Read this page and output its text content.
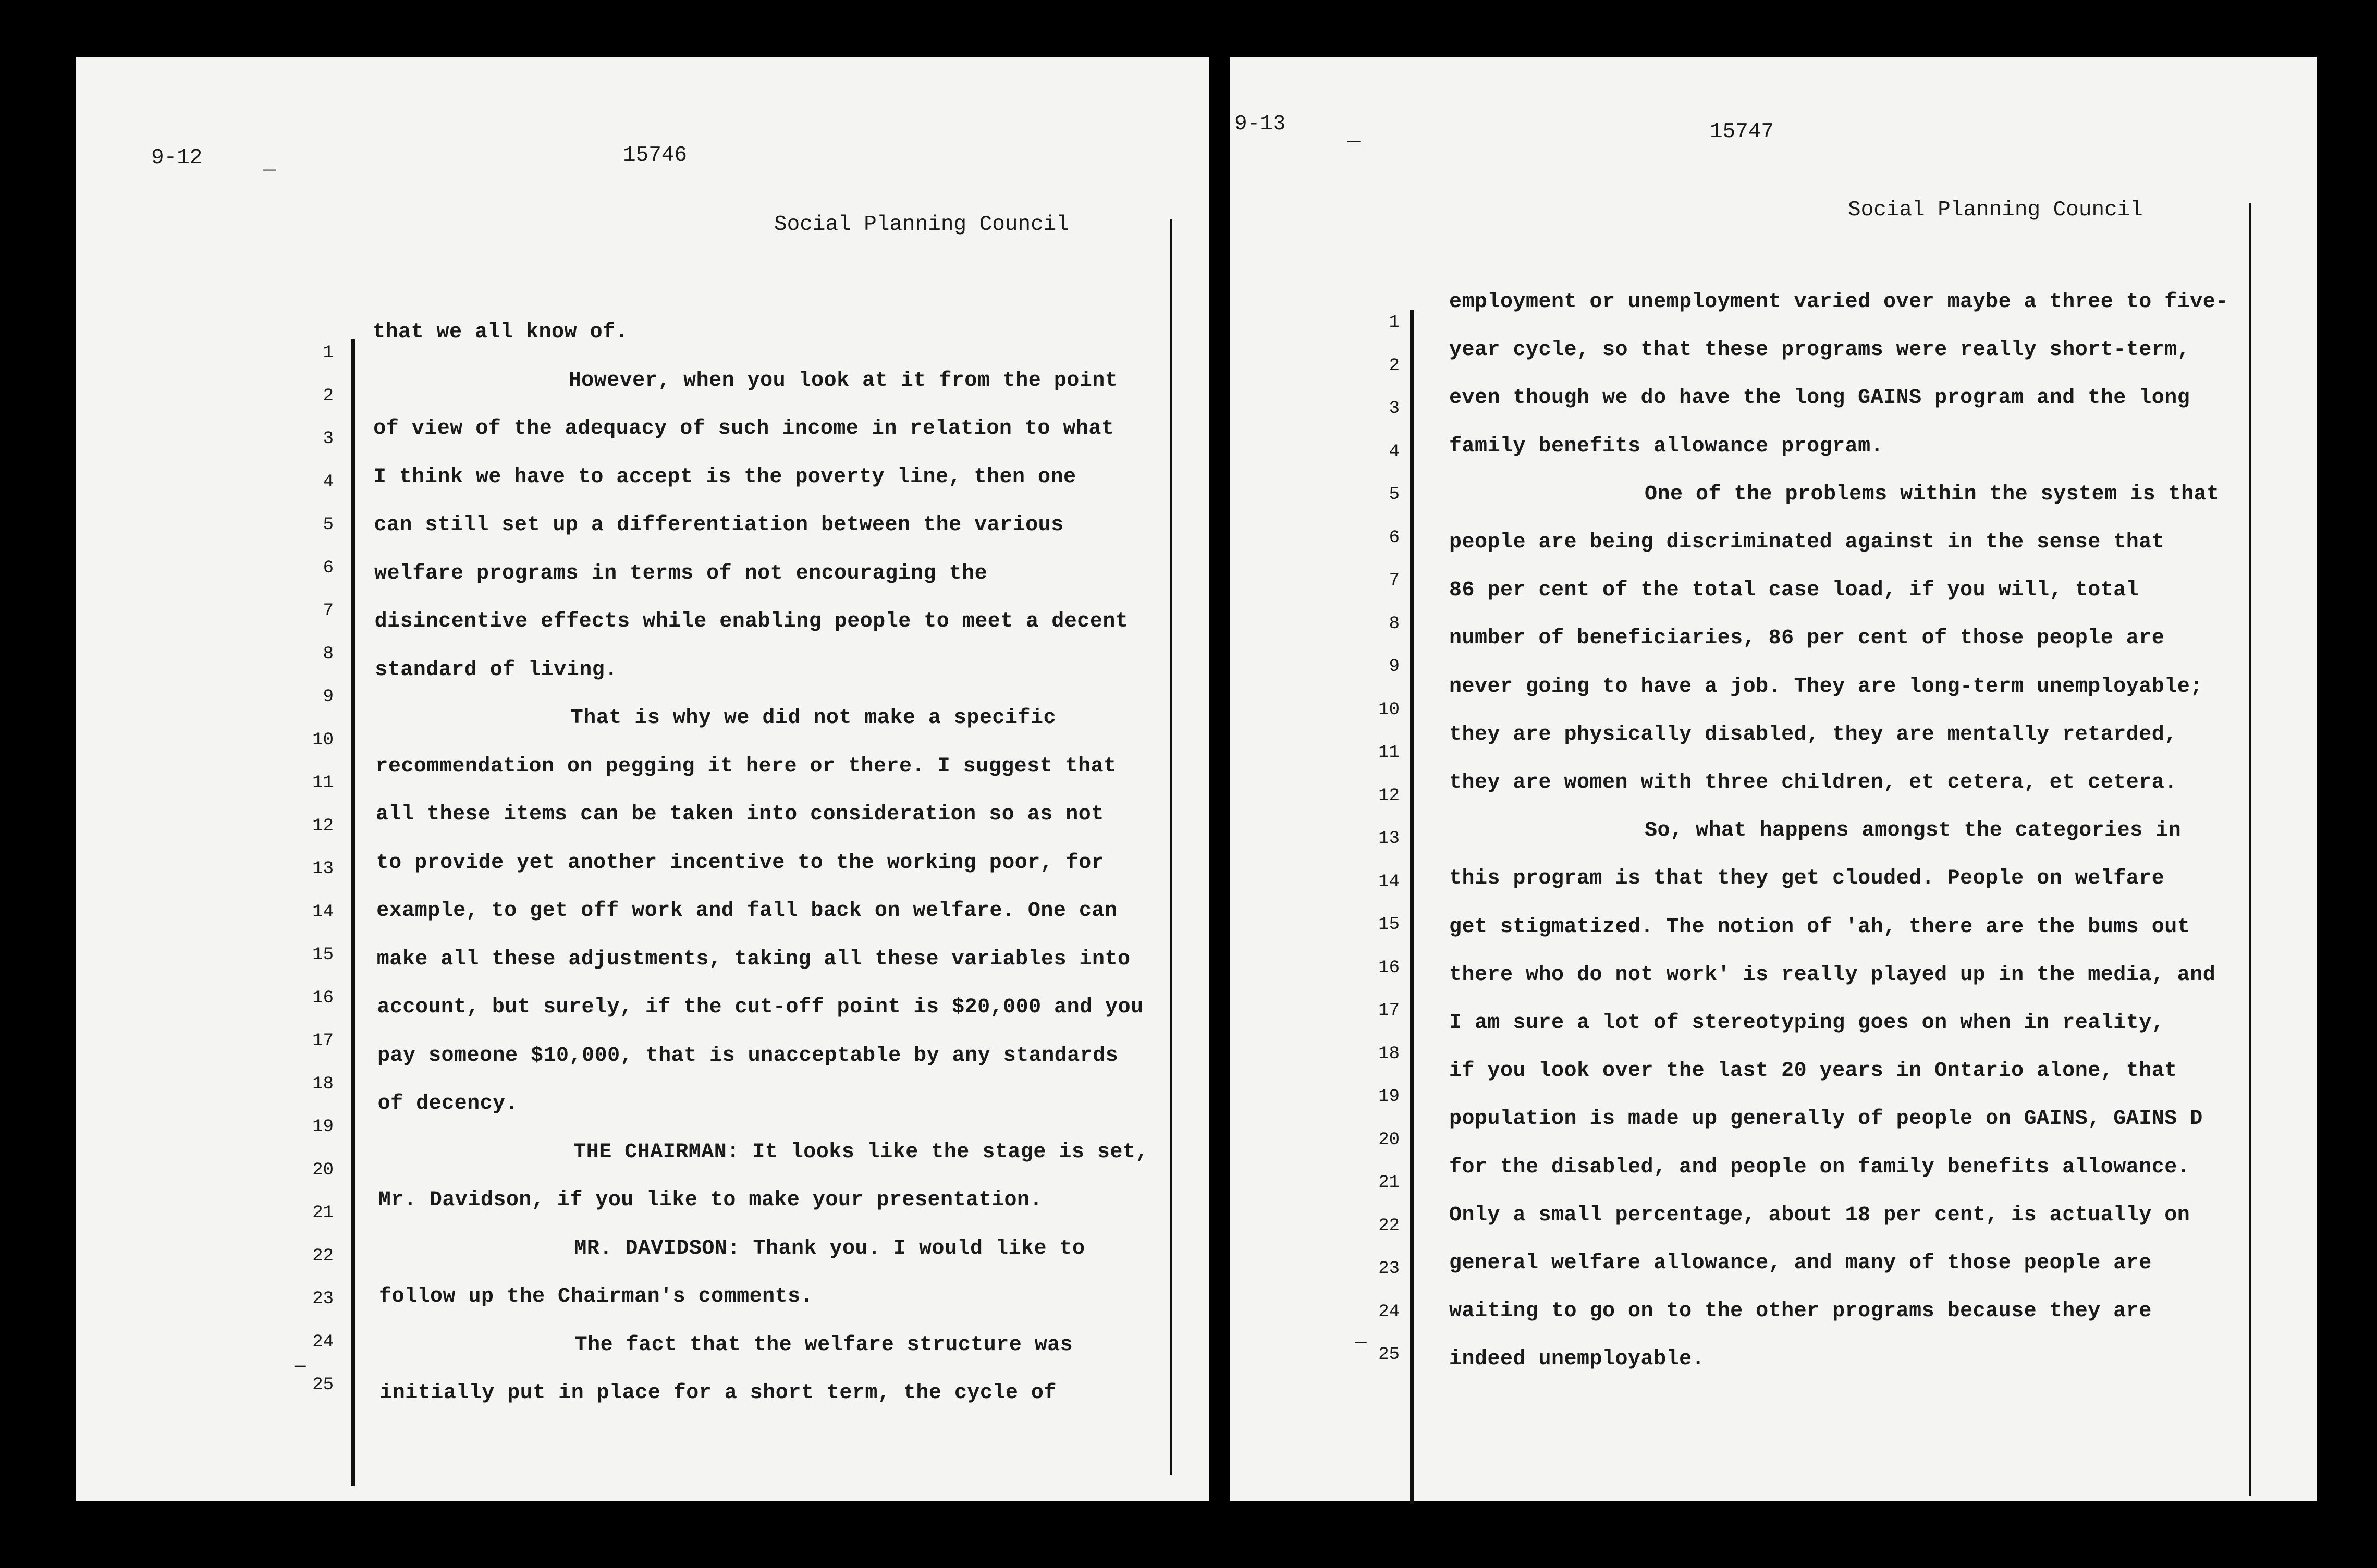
9-12	_	15746
Social Planning Council
1
2
3
4
5
6
7
8
9
10
11
12
13
14
15
16
17
18
19
20
21
22
23
24
25
—
that we all know of.
However, when you look at it from the point
of view of the adequacy of such income in relation to what
I think we have to accept is the poverty line, then one
can still set up a differentiation between the various
welfare programs in terms of not encouraging the
disincentive effects while enabling people to meet a decent
standard of living.
That is why we did not make a specific
recommendation on pegging it here or there. I suggest that
all these items can be taken into consideration so as not
to provide yet another incentive to the working poor, for
example, to get off work and fall back on welfare. One can
make all these adjustments, taking all these variables into
account, but surely, if the cut-off point is $20,000 and you
pay someone $10,000, that is unacceptable by any standards
of decency.
THE CHAIRMAN: It looks like the stage is set,
Mr. Davidson, if you like to make your presentation.
MR. DAVIDSON: Thank you. I would like to
follow up the Chairman's comments.
The fact that the welfare structure was
initially put in place for a short term, the cycle of
9-13	_	15747
Social Planning Council
1
2
3
4
5
6
7
8
9
10
11
12
13
14
15
16
17
18
19
20
21
22
23
24
25
—
employment or unemployment varied over maybe a three to five-
year cycle, so that these programs were really short-term,
even though we do have the long GAINS program and the long
family benefits allowance program.
One of the problems within the system is that
people are being discriminated against in the sense that
86 per cent of the total case load, if you will, total
number of beneficiaries, 86 per cent of those people are
never going to have a job. They are long-term unemployable;
they are physically disabled, they are mentally retarded,
they are women with three children, et cetera, et cetera.
So, what happens amongst the categories in
this program is that they get clouded. People on welfare
get stigmatized. The notion of 'ah, there are the bums out
there who do not work' is really played up in the media, and
I am sure a lot of stereotyping goes on when in reality,
if you look over the last 20 years in Ontario alone, that
population is made up generally of people on GAINS, GAINS D
for the disabled, and people on family benefits allowance.
Only a small percentage, about 18 per cent, is actually on
general welfare allowance, and many of those people are
waiting to go on to the other programs because they are
indeed unemployable.
